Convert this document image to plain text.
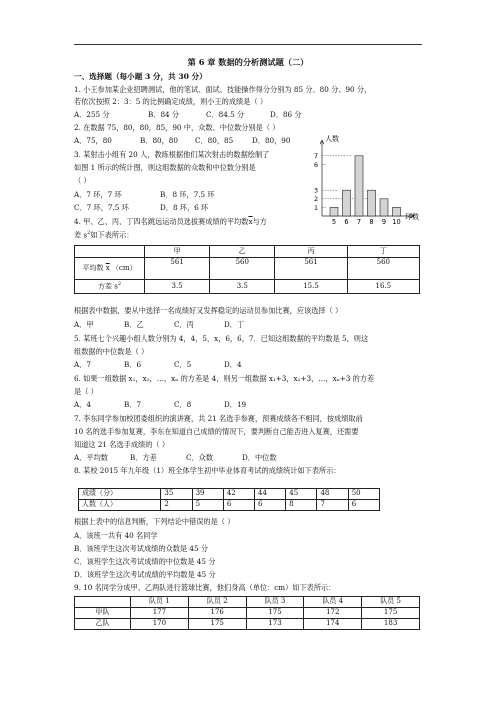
第 6 章 数据的分析测试题（二）
一、选择题（每小题 3 分，共 30 分）
1. 小王参加某企业招聘测试，他的笔试、面试、技能操作得分分别为 85 分、80 分、90 分，
若依次按照 2：3：5 的比例确定成绩，则小王的成绩是（ ）
A．255 分	B．84 分	C．84.5 分	D．86 分
2. 在数据 75，80，80，85，90 中，众数、中位数分别是（ ）
A．75，80	B．80，80 C．80，85	D．80，90
3. 某射击小组有 20 人，教练根据他们某次射击的数据绘制了
如图 1 所示的统计图，则这组数据的众数和中位数分别是
（ ）
A．7 环，7 环	B．8 环，7.5 环
C．7 环，7.5 环	D．8 环，6 环
人数
环数
1
2
3
6
7
5 6 7 8 9 10
4. 甲、乙、丙、丁四名跳远运动员选拔赛成绩的平均数$\overline{x}$与方
差 $s^2$如下表所示：
	甲	乙	丙	丁
平均数 $\overline{x}$ （cm）	561	560	561	560
方差 $s^2$	3.5	3.5	15.5	16.5
根据表中数据，要从中选择一名成绩好又发挥稳定的运动员参加比赛，应该选择（ ）
A．甲	B．乙	C．丙	D．丁
5. 某班七个兴趣小组人数分别为 4，4，5，x，6，6，7．已知这组数据的平均数是 5，则这
组数据的中位数是（ ）
A．7	B．6	C．5	D．4
6. 如果一组数据 x₁，x₂，…，xₙ 的方差是 4，则另一组数据 x₁+3，x₂+3，…，xₙ+3 的方差
是（ ）
A．4	B．7	C．8	D．19
7. 李东同学参加校团委组织的演讲赛，共 21 名选手参赛，预赛成绩各不相同，按成绩取前
10 名的选手参加复赛，李东在知道自己成绩的情况下，要判断自己能否进入复赛，还需要
知道这 21 名选手成绩的（ ）
A．平均数	B．方差	C．众数	D．中位数
8. 某校 2015 年九年级（1）班全体学生初中毕业体育考试的成绩统计如下表所示：
成绩（分）	35	39	42	44	45	48	50
人数（人）	2	5	6	6	8	7	6
根据上表中的信息判断，下列结论中错误的是（ ）
A．该班一共有 40 名同学
B．该班学生这次考试成绩的众数是 45 分
C．该班学生这次考试成绩的中位数是 45 分
D．该班学生这次考试成绩的平均数是 45 分
9. 10 名同学分成甲、乙两队进行篮球比赛，他们身高（单位：cm）如下表所示：
	队员 1	队员 2	队员 3	队员 4	队员 5
甲队	177	176	175	172	175
乙队	170	175	173	174	183
